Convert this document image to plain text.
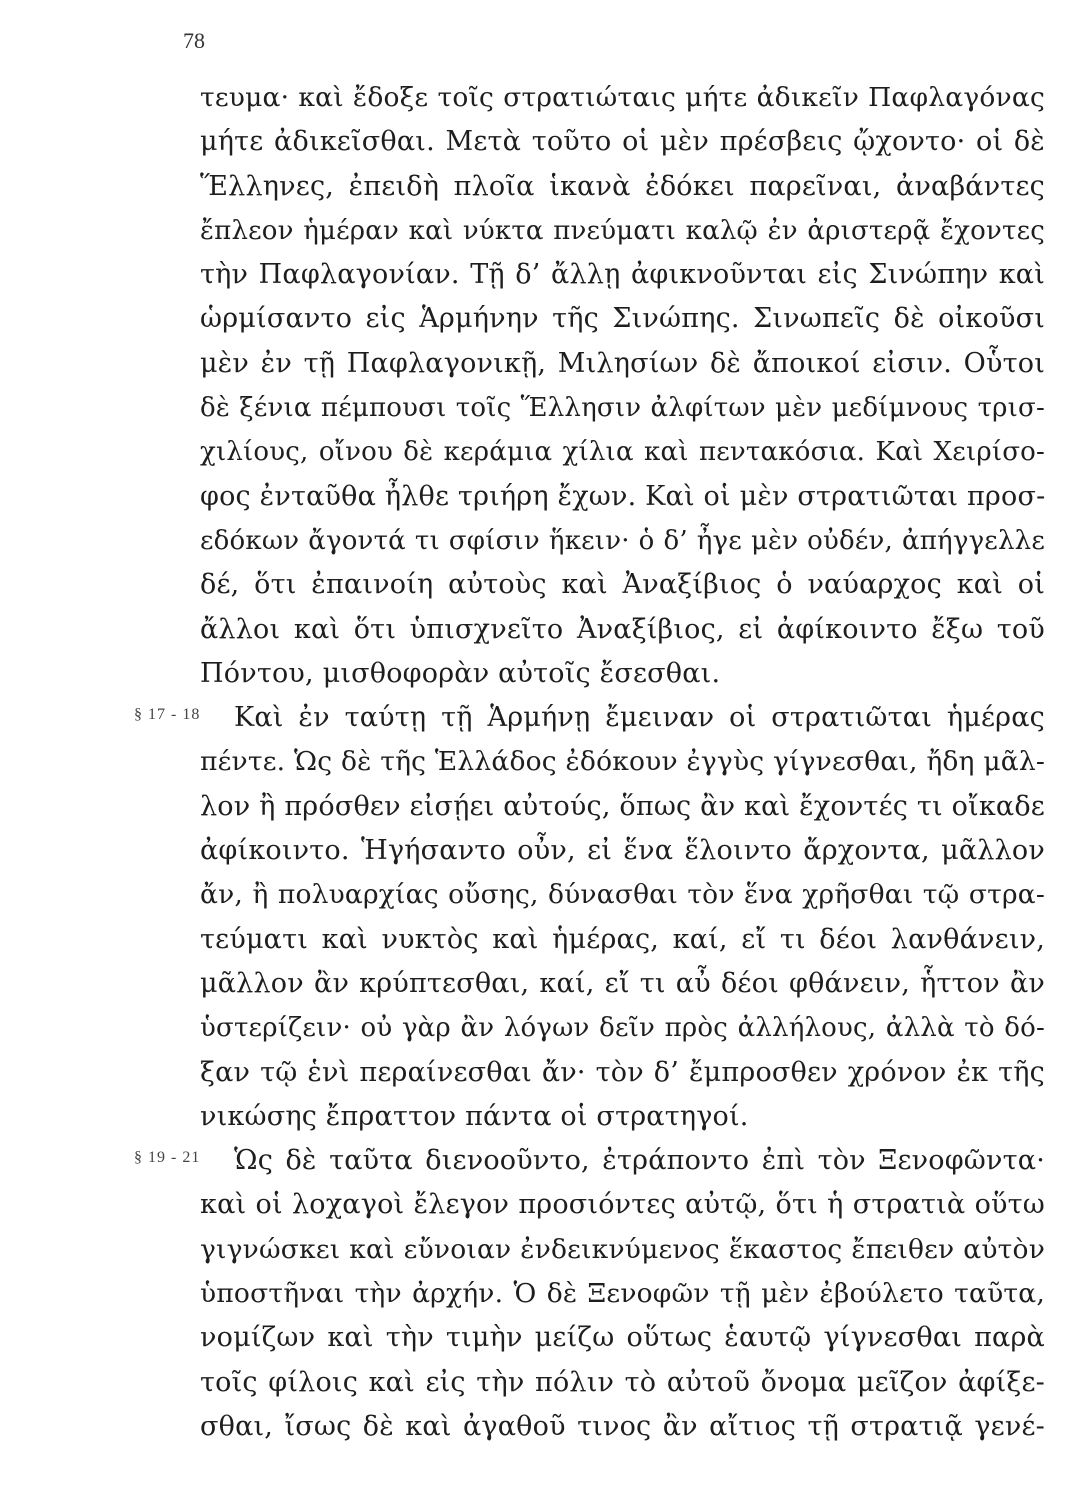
78
τευμα· καὶ ἔδοξε τοῖς στρατιώταις μήτε ἀδικεῖν Παφλαγόνας
μήτε ἀδικεῖσθαι. Μετὰ τοῦτο οἱ μὲν πρέσβεις ᾤχοντο· οἱ δὲ
Ἕλληνες, ἐπειδὴ πλοῖα ἱκανὰ ἐδόκει παρεῖναι, ἀναβάντες
ἔπλεον ἡμέραν καὶ νύκτα πνεύματι καλῷ ἐν ἀριστερᾷ ἔχοντες
τὴν Παφλαγονίαν. Τῇ δ’ ἄλλῃ ἀφικνοῦνται εἰς Σινώπην καὶ
ὡρμίσαντο εἰς Ἁρμήνην τῆς Σινώπης. Σινωπεῖς δὲ οἰκοῦσι
μὲν ἐν τῇ Παφλαγονικῇ, Μιλησίων δὲ ἄποικοί εἰσιν. Οὗτοι
δὲ ξένια πέμπουσι τοῖς Ἕλλησιν ἀλφίτων μὲν μεδίμνους τρισ-
χιλίους, οἴνου δὲ κεράμια χίλια καὶ πεντακόσια. Καὶ Χειρίσο-
φος ἐνταῦθα ἦλθε τριήρη ἔχων. Καὶ οἱ μὲν στρατιῶται προσ-
εδόκων ἄγοντά τι σφίσιν ἥκειν· ὁ δ’ ἦγε μὲν οὐδέν, ἀπήγγελλε
δέ, ὅτι ἐπαινοίη αὐτοὺς καὶ Ἀναξίβιος ὁ ναύαρχος καὶ οἱ
ἄλλοι καὶ ὅτι ὑπισχνεῖτο Ἀναξίβιος, εἰ ἀφίκοιντο ἔξω τοῦ
Πόντου, μισθοφορὰν αὐτοῖς ἔσεσθαι.
§ 17 - 18	Καὶ ἐν ταύτῃ τῇ Ἁρμήνῃ ἔμειναν οἱ στρατιῶται ἡμέρας
πέντε. Ὡς δὲ τῆς Ἑλλάδος ἐδόκουν ἐγγὺς γίγνεσθαι, ἤδη μᾶλ-
λον ἢ πρόσθεν εἰσῄει αὐτούς, ὅπως ἂν καὶ ἔχοντές τι οἴκαδε
ἀφίκοιντο. Ἡγήσαντο οὖν, εἰ ἕνα ἕλοιντο ἄρχοντα, μᾶλλον
ἄν, ἢ πολυαρχίας οὔσης, δύνασθαι τὸν ἕνα χρῆσθαι τῷ στρα-
τεύματι καὶ νυκτὸς καὶ ἡμέρας, καί, εἴ τι δέοι λανθάνειν,
μᾶλλον ἂν κρύπτεσθαι, καί, εἴ τι αὖ δέοι φθάνειν, ἧττον ἂν
ὑστερίζειν· οὐ γὰρ ἂν λόγων δεῖν πρὸς ἀλλήλους, ἀλλὰ τὸ δό-
ξαν τῷ ἑνὶ περαίνεσθαι ἄν· τὸν δ’ ἔμπροσθεν χρόνον ἐκ τῆς
νικώσης ἔπραττον πάντα οἱ στρατηγοί.
§ 19 - 21	Ὡς δὲ ταῦτα διενοοῦντο, ἐτράποντο ἐπὶ τὸν Ξενοφῶντα·
καὶ οἱ λοχαγοὶ ἔλεγον προσιόντες αὐτῷ, ὅτι ἡ στρατιὰ οὕτω
γιγνώσκει καὶ εὔνοιαν ἐνδεικνύμενος ἕκαστος ἔπειθεν αὐτὸν
ὑποστῆναι τὴν ἀρχήν. Ὁ δὲ Ξενοφῶν τῇ μὲν ἐβούλετο ταῦτα,
νομίζων καὶ τὴν τιμὴν μείζω οὕτως ἑαυτῷ γίγνεσθαι παρὰ
τοῖς φίλοις καὶ εἰς τὴν πόλιν τὸ αὐτοῦ ὄνομα μεῖζον ἀφίξε-
σθαι, ἴσως δὲ καὶ ἀγαθοῦ τινος ἂν αἴτιος τῇ στρατιᾷ γενέ-
